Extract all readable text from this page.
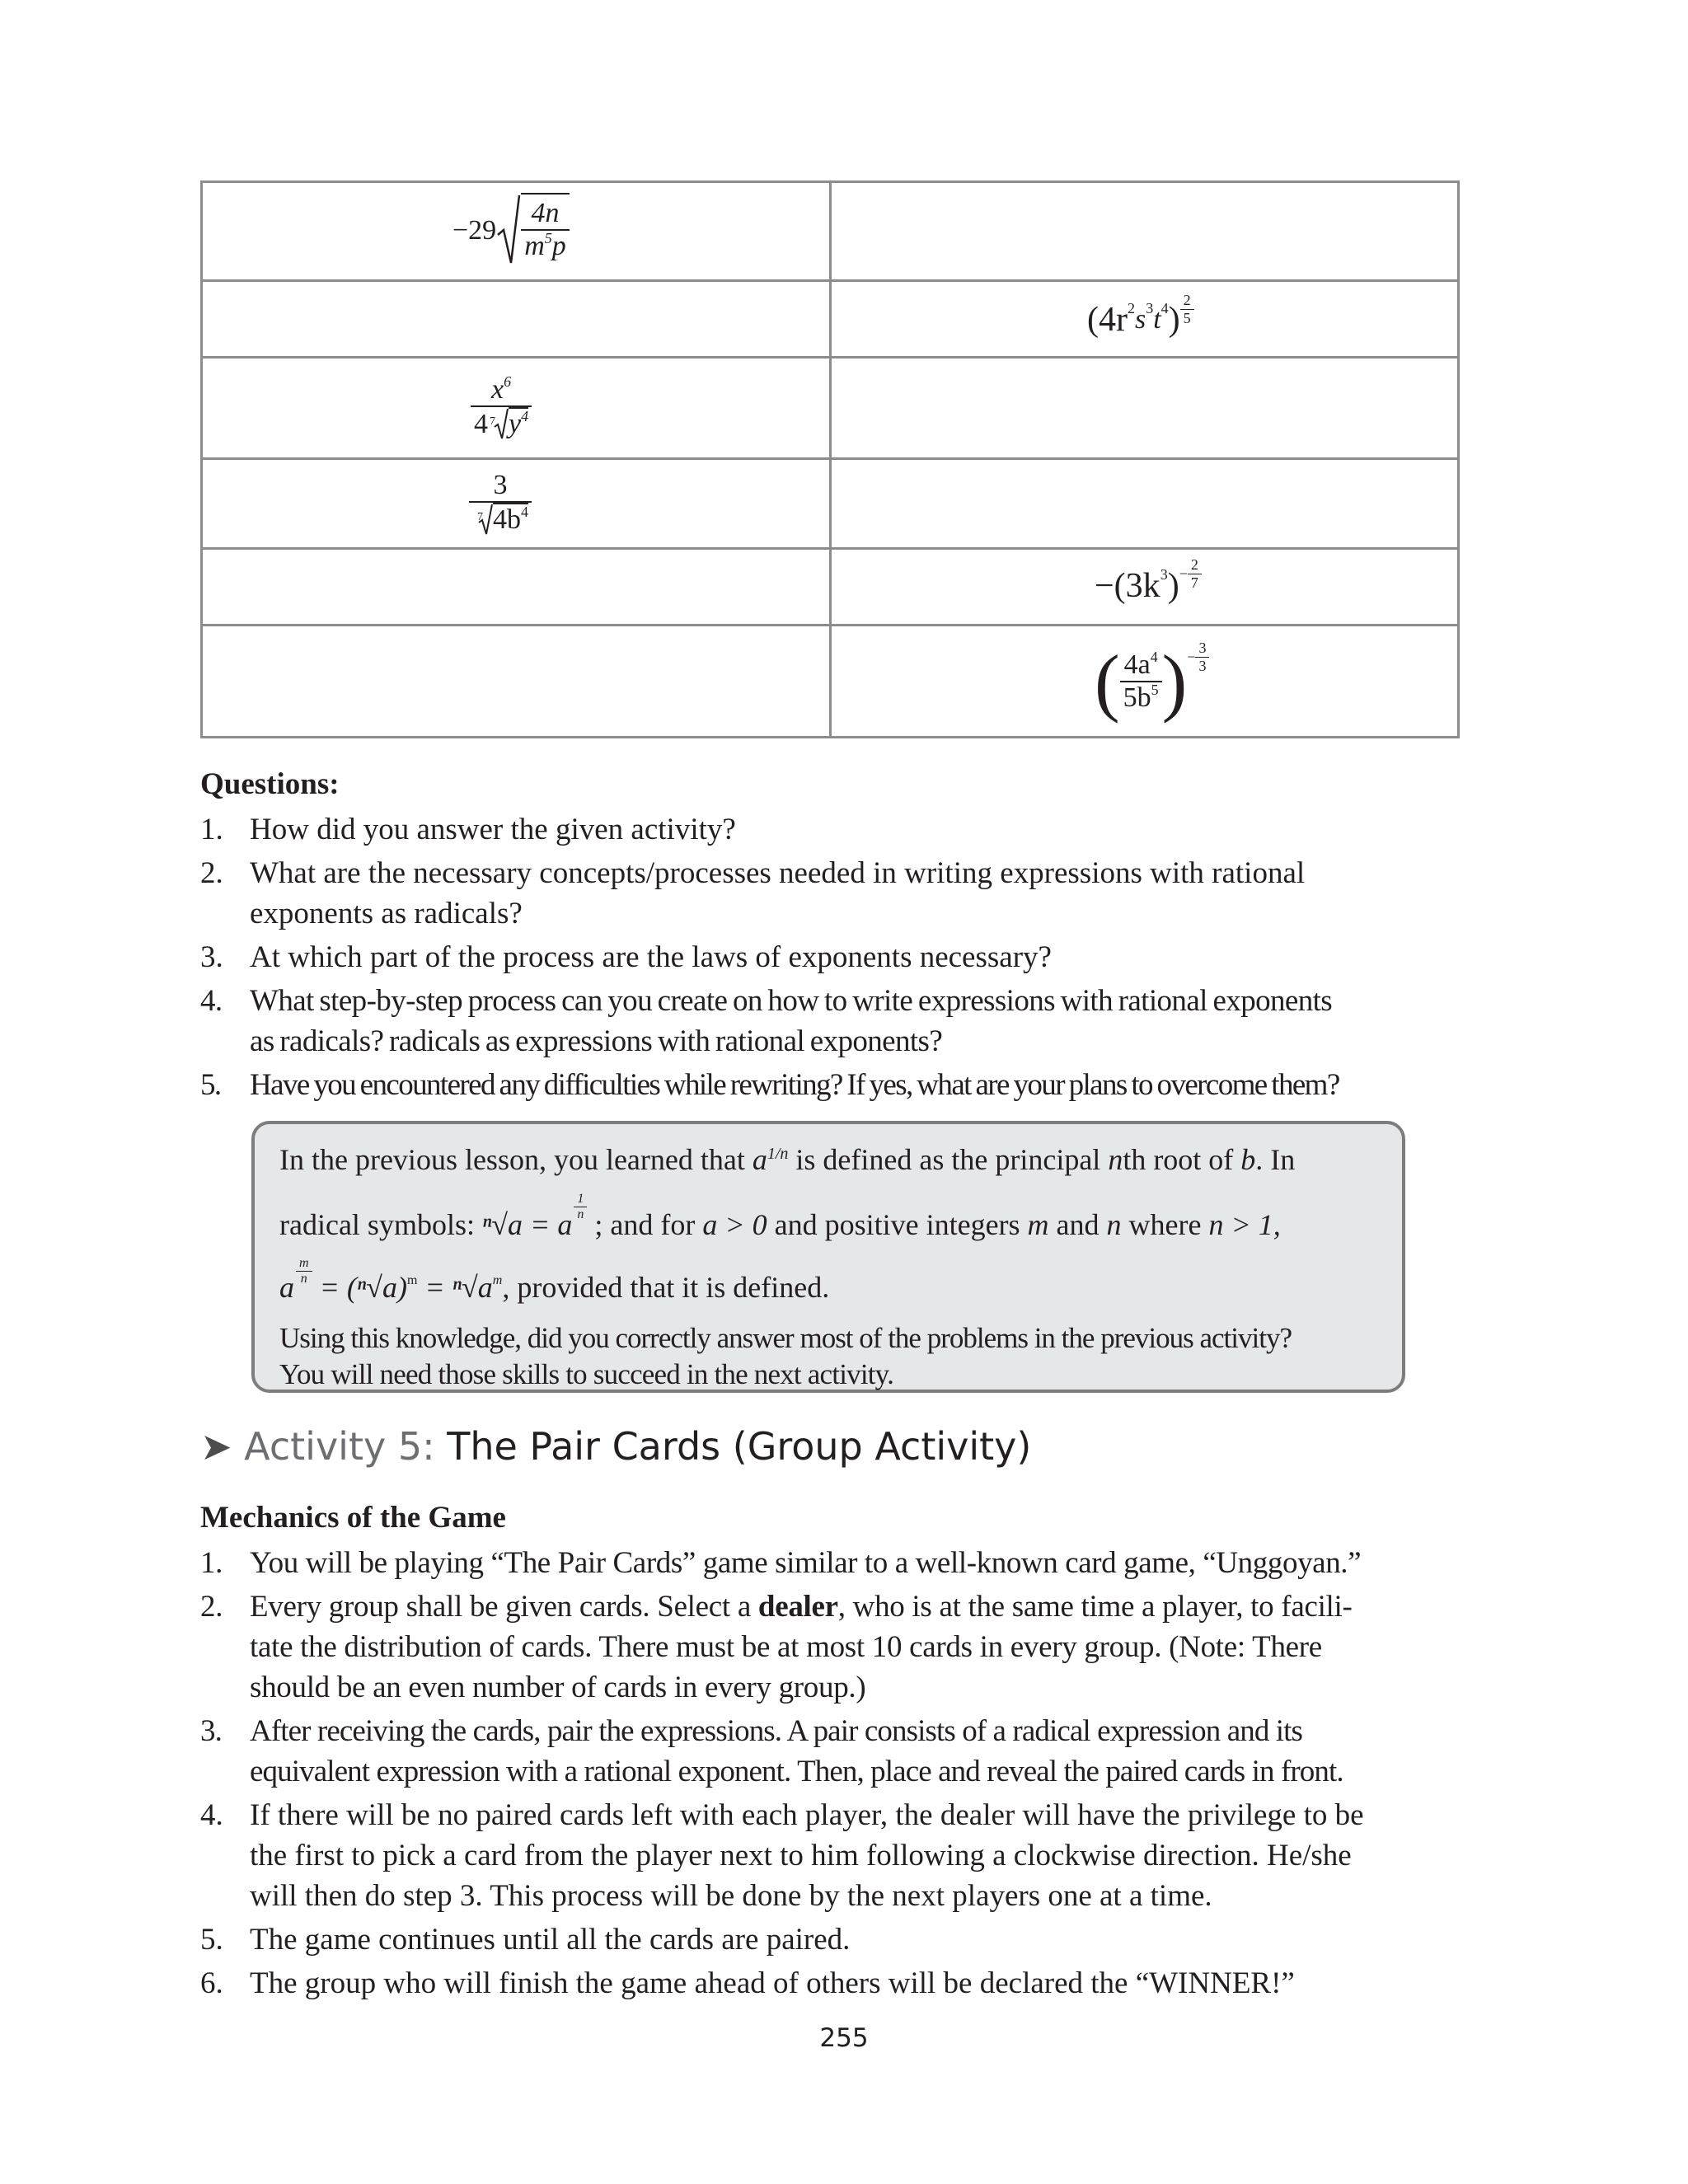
$-29 \frac{4n}{m^5p}$
($4r^2$ $s^3$ $t^4$ ) $\frac{2}{5}$
$\frac{x^6}{4 7 y^4}$
$\frac{3}{7 4b^4}$
$-(3k^3$ ) − $\frac{2}{7}$
( $\frac{4a^4}{5b^5}$ ) − $\frac{3}{3}$
Questions:
1. How did you answer the given activity?
2. What are the necessary concepts/processes needed in writing expressions with rational
exponents as radicals?
3. At which part of the process are the laws of exponents necessary?
4. What step-by-step process can you create on how to write expressions with rational exponents
as radicals? radicals as expressions with rational exponents?
5. Have you encountered any difficulties while rewriting? If yes, what are your plans to overcome them?
In the previous lesson, you learned that $a^{1/n}$ is defined as the principal nth root of b. In
radical symbols: ⁿ√a = a
$\frac{1}{n}$
; and for a > 0 and positive integers m and n where n > 1,
a $\frac{m}{n} = (^n√a)^m = ^n√a^m$ , provided that it is defined.
Using this knowledge, did you correctly answer most of the problems in the previous activity?
You will need those skills to succeed in the next activity.
➤ Activity 5: The Pair Cards (Group Activity)
Mechanics of the Game
1. You will be playing “The Pair Cards” game similar to a well-known card game, “Unggoyan.”
2. Every group shall be given cards. Select a dealer, who is at the same time a player, to facili-
tate the distribution of cards. There must be at most 10 cards in every group. (Note: There
should be an even number of cards in every group.)
3. After receiving the cards, pair the expressions. A pair consists of a radical expression and its
equivalent expression with a rational exponent. Then, place and reveal the paired cards in front.
4. If there will be no paired cards left with each player, the dealer will have the privilege to be
the first to pick a card from the player next to him following a clockwise direction. He/she
will then do step 3. This process will be done by the next players one at a time.
5. The game continues until all the cards are paired.
6. The group who will finish the game ahead of others will be declared the “WINNER!”
255
